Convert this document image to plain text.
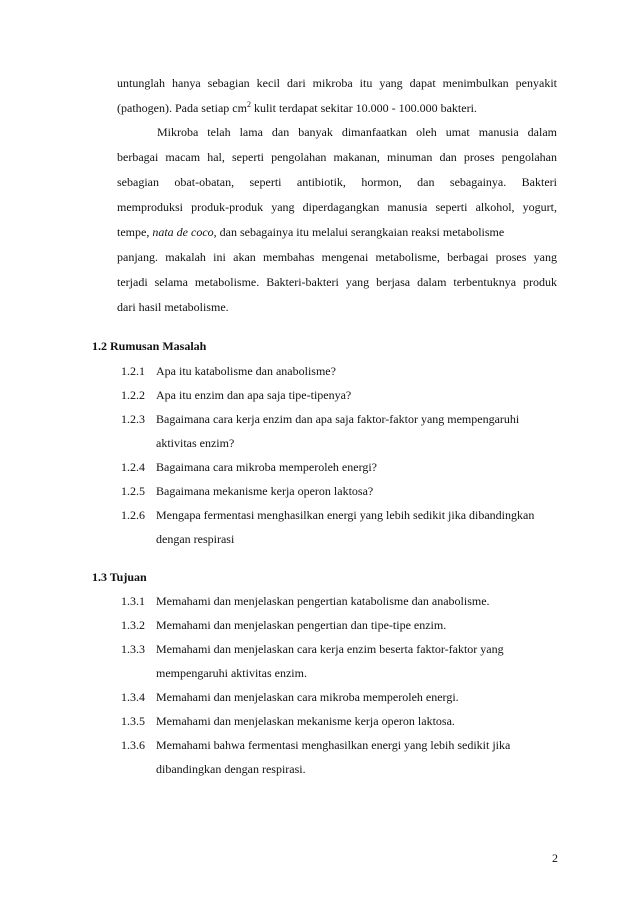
untunglah hanya sebagian kecil dari mikroba itu yang dapat menimbulkan penyakit
(pathogen). Pada setiap $cm^2$ kulit terdapat sekitar 10.000 - 100.000 bakteri.
Mikroba telah lama dan banyak dimanfaatkan oleh umat manusia dalam
berbagai macam hal, seperti pengolahan makanan, minuman dan proses pengolahan
sebagian obat-obatan, seperti antibiotik, hormon, dan sebagainya. Bakteri
memproduksi produk-produk yang diperdagangkan manusia seperti alkohol, yogurt,
tempe, nata de coco, dan sebagainya itu melalui serangkaian reaksi metabolisme
panjang. makalah ini akan membahas mengenai metabolisme, berbagai proses yang
terjadi selama metabolisme. Bakteri-bakteri yang berjasa dalam terbentuknya produk
dari hasil metabolisme.
1.2 Rumusan Masalah
1.2.1 Apa itu katabolisme dan anabolisme?
1.2.2 Apa itu enzim dan apa saja tipe-tipenya?
1.2.3 Bagaimana cara kerja enzim dan apa saja faktor-faktor yang mempengaruhi
aktivitas enzim?
1.2.4 Bagaimana cara mikroba memperoleh energi?
1.2.5 Bagaimana mekanisme kerja operon laktosa?
1.2.6 Mengapa fermentasi menghasilkan energi yang lebih sedikit jika dibandingkan
dengan respirasi
1.3 Tujuan
1.3.1 Memahami dan menjelaskan pengertian katabolisme dan anabolisme.
1.3.2 Memahami dan menjelaskan pengertian dan tipe-tipe enzim.
1.3.3 Memahami dan menjelaskan cara kerja enzim beserta faktor-faktor yang
mempengaruhi aktivitas enzim.
1.3.4 Memahami dan menjelaskan cara mikroba memperoleh energi.
1.3.5 Memahami dan menjelaskan mekanisme kerja operon laktosa.
1.3.6 Memahami bahwa fermentasi menghasilkan energi yang lebih sedikit jika
dibandingkan dengan respirasi.
2
